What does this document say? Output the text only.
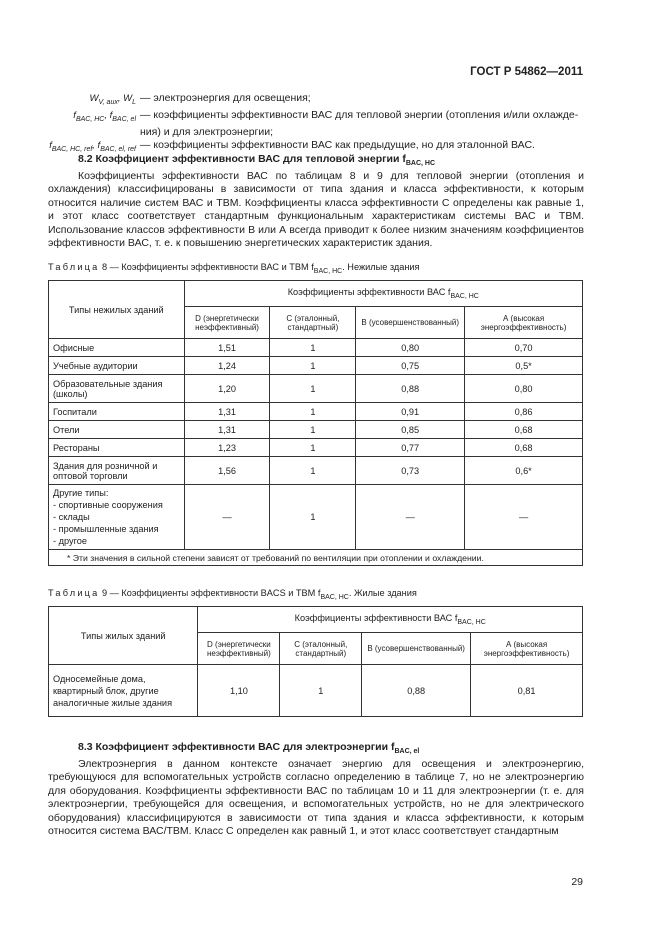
ГОСТ Р 54862—2011
$W_{V, aux}$, $W_L$ — электроэнергия для освещения;
$f_{BAC, HC}$, $f_{BAC, el}$ — коэффициенты эффективности ВАС для тепловой энергии (отопления и/или охлажде-
ния) и для электроэнергии;
$f_{BAC, HC, ref}$, $f_{BAC, el, ref}$ — коэффициенты эффективности ВАС как предыдущие, но для эталонной ВАС.
8.2 Коэффициент эффективности ВАС для тепловой энергии $f_{BAC, HC}$

Коэффициенты эффективности ВАС по таблицам 8 и 9 для тепловой энергии (отопления и охлаждения) классифицированы в зависимости от типа здания и класса эффективности, к которым относится наличие систем ВАС и ТВМ. Коэффициенты класса эффективности С определены как равные 1, и этот класс соответствует стандартным функциональным характеристикам системы ВАС и ТВМ. Использование классов эффективности В или А всегда приводит к более низким значениям коэффициентов эффективности ВАС, т. е. к повышению энергетических характеристик здания.

Таблица 8 — Коэффициенты эффективности ВАС и ТВМ $f_{BAC, HC}$. Нежилые здания
Типы нежилых зданий	Коэффициенты эффективности ВАС $f_{BAC, HC}$
	D (энергетически неэффективный)	С (эталонный, стандартный)	В (усовершенствованный)	А (высокая энергоэффективность)
Офисные	1,51	1	0,80	0,70
Учебные аудитории	1,24	1	0,75	0,5*
Образовательные здания (школы)	1,20	1	0,88	0,80
Госпитали	1,31	1	0,91	0,86
Отели	1,31	1	0,85	0,68
Рестораны	1,23	1	0,77	0,68
Здания для розничной и оптовой торговли	1,56	1	0,73	0,6*
Другие типы:
- спортивные сооружения
- склады
- промышленные здания
- другое	—	1	—	—
* Эти значения в сильной степени зависят от требований по вентиляции при отоплении и охлаждении.				
Таблица 9 — Коэффициенты эффективности BACS и ТВМ $f_{BAC, HC}$. Жилые здания
Типы жилых зданий	Коэффициенты эффективности ВАС $f_{BAC, HC}$
	D (энергетически неэффективный)	С (эталонный, стандартный)	В (усовершенствованный)	А (высокая энергоэффективность)
Односемейные дома, квартирный блок, другие аналогичные жилые здания	1,10	1	0,88	0,81
8.3 Коэффициент эффективности ВАС для электроэнергии $f_{BAC, el}$

Электроэнергия в данном контексте означает энергию для освещения и электроэнергию, требующуюся для вспомогательных устройств согласно определению в таблице 7, но не электроэнергию для оборудования. Коэффициенты эффективности ВАС по таблицам 10 и 11 для электроэнергии (т. е. для электроэнергии, требующейся для освещения, и вспомогательных устройств, но не для электрического оборудования) классифицируются в зависимости от типа здания и класса эффективности, к которым относится система ВАС/ТВМ. Класс С определен как равный 1, и этот класс соответствует стандартным

29
